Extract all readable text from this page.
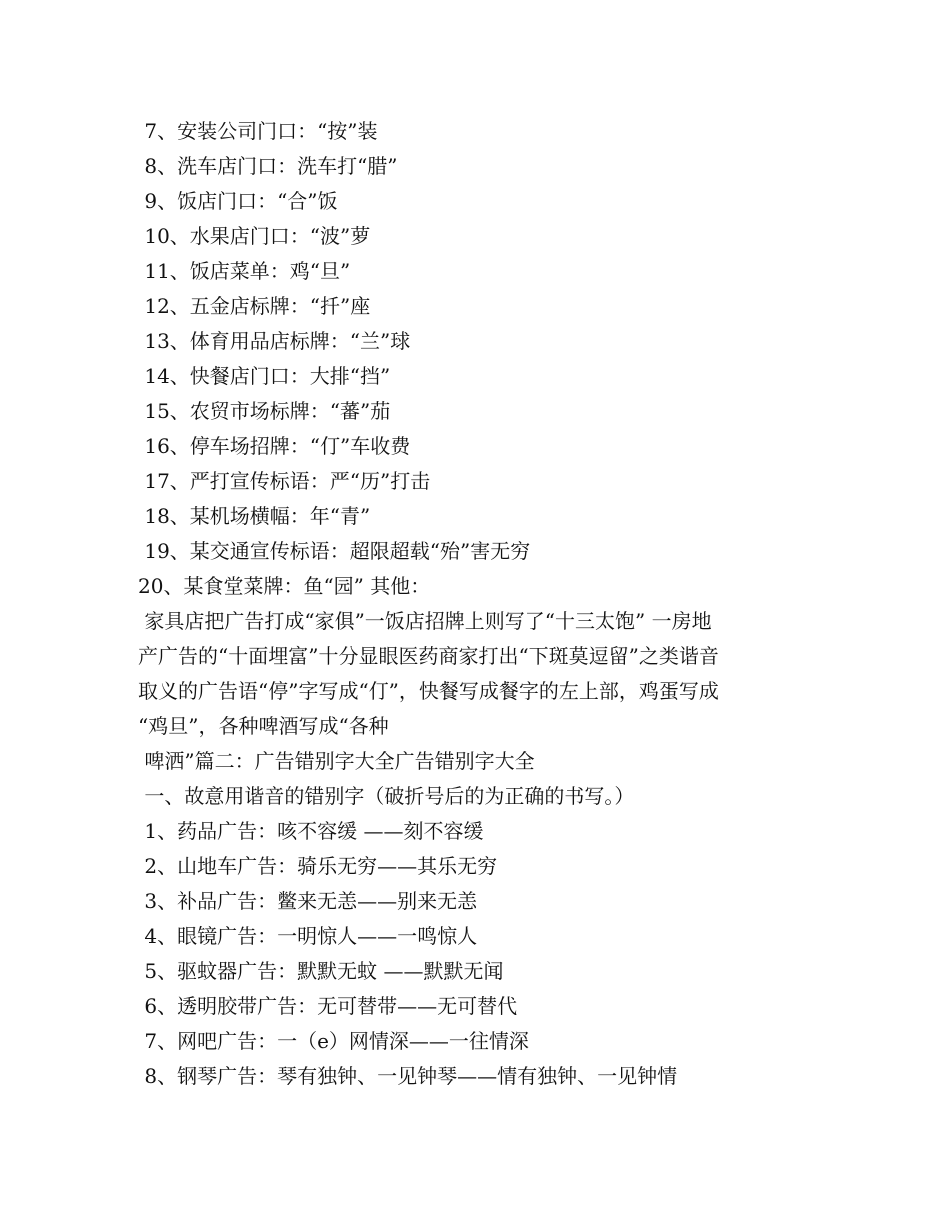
7、安装公司门口：“按”装
8、洗车店门口：洗车打“腊”
9、饭店门口：“合”饭
10、水果店门口：“波”萝
11、饭店菜单：鸡“旦”
12、五金店标牌：“扦”座
13、体育用品店标牌：“兰”球
14、快餐店门口：大排“挡”
15、农贸市场标牌：“蕃”茄
16、停车场招牌：“仃”车收费
17、严打宣传标语：严“历”打击
18、某机场横幅：年“青”
19、某交通宣传标语：超限超载“殆”害无穷
20、某食堂菜牌：鱼“园” 其他：
家具店把广告打成“家俱”一饭店招牌上则写了“十三太饱” 一房地
产广告的“十面埋富”十分显眼医药商家打出“下斑莫逗留”之类谐音
取义的广告语“停”字写成“仃”，快餐写成餐字的左上部，鸡蛋写成
“鸡旦”，各种啤酒写成“各种
啤洒”篇二：广告错别字大全广告错别字大全
一、故意用谐音的错别字（破折号后的为正确的书写。）
1、药品广告：咳不容缓 ——刻不容缓
2、山地车广告：骑乐无穷——其乐无穷
3、补品广告：鳖来无恙——别来无恙
4、眼镜广告：一明惊人——一鸣惊人
5、驱蚊器广告：默默无蚊 ——默默无闻
6、透明胶带广告：无可替带——无可替代
7、网吧广告：一（e）网情深——一往情深
8、钢琴广告：琴有独钟、一见钟琴——情有独钟、一见钟情
